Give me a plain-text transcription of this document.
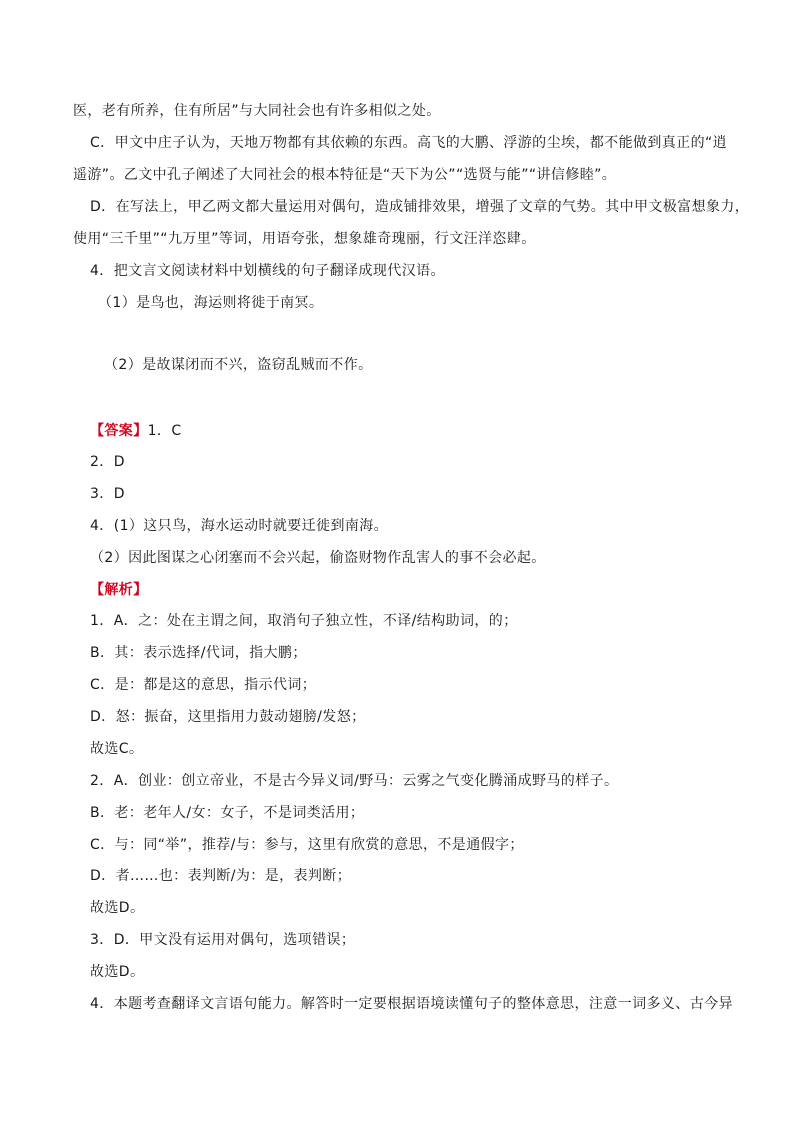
医，老有所养，住有所居”与大同社会也有许多相似之处。
C．甲文中庄子认为，天地万物都有其依赖的东西。高飞的大鹏、浮游的尘埃，都不能做到真正的“逍
遥游”。乙文中孔子阐述了大同社会的根本特征是“天下为公”“选贤与能”“讲信修睦”。
D．在写法上，甲乙两文都大量运用对偶句，造成铺排效果，增强了文章的气势。其中甲文极富想象力，
使用“三千里”“九万里”等词，用语夸张，想象雄奇瑰丽，行文汪洋恣肆。
4．把文言文阅读材料中划横线的句子翻译成现代汉语。
（1）是鸟也，海运则将徙于南冥。
（2）是故谋闭而不兴，盗窃乱贼而不作。
【答案】1．C
2．D
3．D
4．(1）这只鸟，海水运动时就要迁徙到南海。
（2）因此图谋之心闭塞而不会兴起，偷盗财物作乱害人的事不会必起。
【解析】
1．A．之：处在主谓之间，取消句子独立性，不译/结构助词，的；
B．其：表示选择/代词，指大鹏；
C．是：都是这的意思，指示代词；
D．怒：振奋，这里指用力鼓动翅膀/发怒；
故选C。
2．A．创业：创立帝业，不是古今异义词/野马：云雾之气变化腾涌成野马的样子。
B．老：老年人/女：女子，不是词类活用；
C．与：同“举”，推荐/与：参与，这里有欣赏的意思，不是通假字；
D．者……也：表判断/为：是，表判断；
故选D。
3．D．甲文没有运用对偶句，选项错误；
故选D。
4．本题考查翻译文言语句能力。解答时一定要根据语境读懂句子的整体意思，注意一词多义、古今异
